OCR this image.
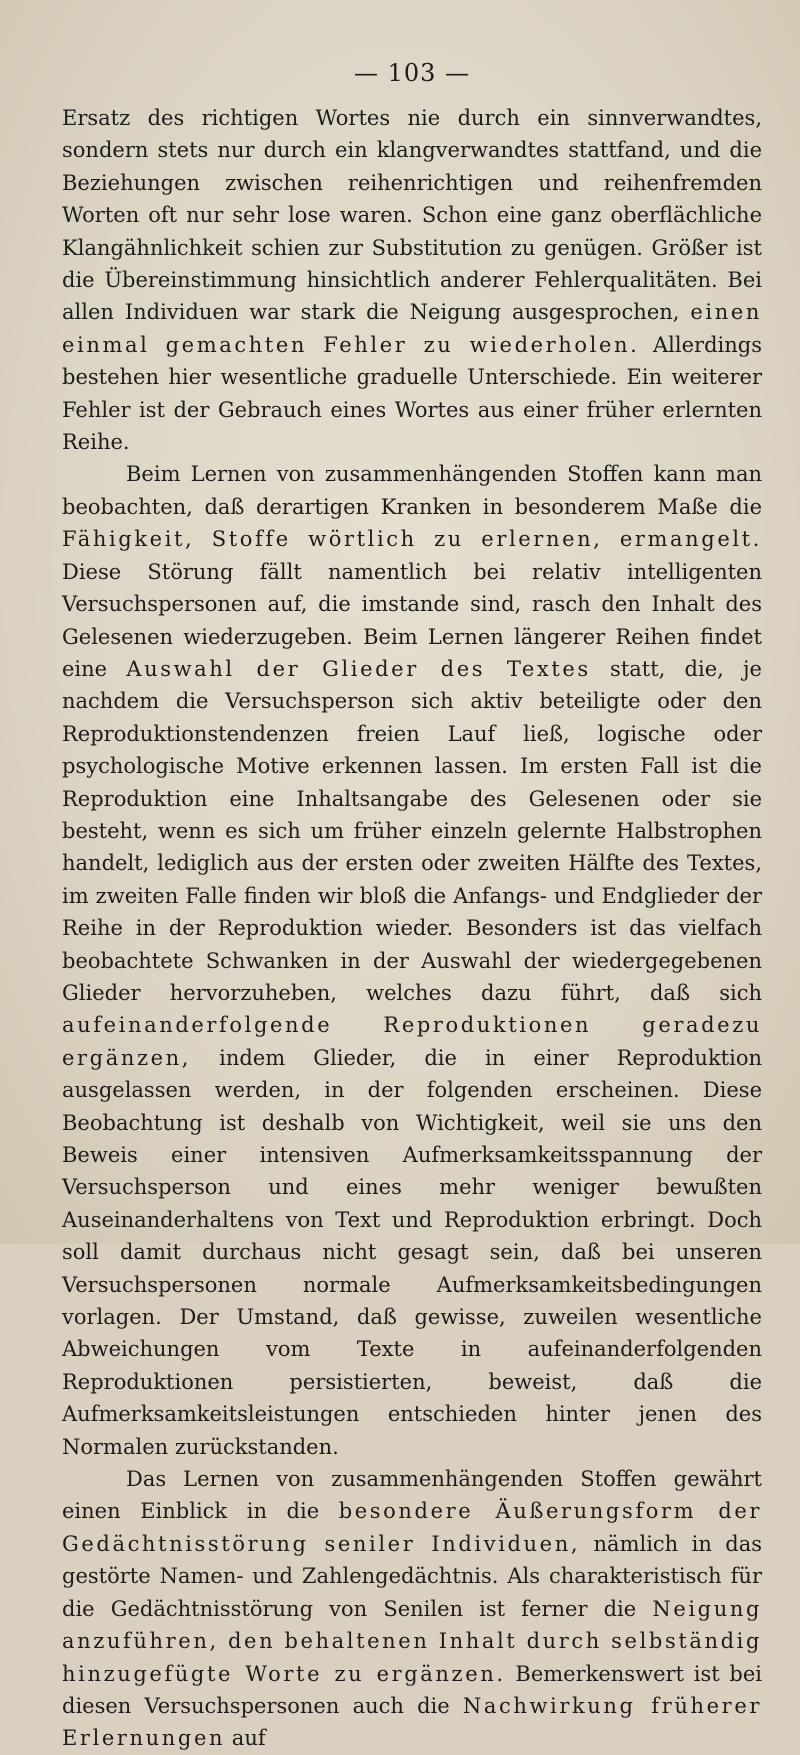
— 103 —

Ersatz des richtigen Wortes nie durch ein sinnverwandtes, sondern stets nur durch ein klangverwandtes stattfand, und die Beziehungen zwischen reihenrichtigen und reihenfremden Worten oft nur sehr lose waren. Schon eine ganz oberflächliche Klangähnlichkeit schien zur Substitution zu genügen. Größer ist die Übereinstimmung hinsichtlich anderer Fehlerqualitäten. Bei allen Individuen war stark die Neigung ausgesprochen, einen einmal gemachten Fehler zu wiederholen. Allerdings bestehen hier wesentliche graduelle Unterschiede. Ein weiterer Fehler ist der Gebrauch eines Wortes aus einer früher erlernten Reihe.

Beim Lernen von zusammenhängenden Stoffen kann man beobachten, daß derartigen Kranken in besonderem Maße die Fähigkeit, Stoffe wörtlich zu erlernen, ermangelt. Diese Störung fällt namentlich bei relativ intelligenten Versuchspersonen auf, die imstande sind, rasch den Inhalt des Gelesenen wiederzugeben. Beim Lernen längerer Reihen findet eine Auswahl der Glieder des Textes statt, die, je nachdem die Versuchsperson sich aktiv beteiligte oder den Reproduktionstendenzen freien Lauf ließ, logische oder psychologische Motive erkennen lassen. Im ersten Fall ist die Reproduktion eine Inhaltsangabe des Gelesenen oder sie besteht, wenn es sich um früher einzeln gelernte Halbstrophen handelt, lediglich aus der ersten oder zweiten Hälfte des Textes, im zweiten Falle finden wir bloß die Anfangs- und Endglieder der Reihe in der Reproduktion wieder. Besonders ist das vielfach beobachtete Schwanken in der Auswahl der wiedergegebenen Glieder hervorzuheben, welches dazu führt, daß sich aufeinanderfolgende Reproduktionen geradezu ergänzen, indem Glieder, die in einer Reproduktion ausgelassen werden, in der folgenden erscheinen. Diese Beobachtung ist deshalb von Wichtigkeit, weil sie uns den Beweis einer intensiven Aufmerksamkeitsspannung der Versuchsperson und eines mehr weniger bewußten Auseinanderhaltens von Text und Reproduktion erbringt. Doch soll damit durchaus nicht gesagt sein, daß bei unseren Versuchspersonen normale Aufmerksamkeitsbedingungen vorlagen. Der Umstand, daß gewisse, zuweilen wesentliche Abweichungen vom Texte in aufeinanderfolgenden Reproduktionen persistierten, beweist, daß die Aufmerksamkeitsleistungen entschieden hinter jenen des Normalen zurückstanden.

Das Lernen von zusammenhängenden Stoffen gewährt einen Einblick in die besondere Äußerungsform der Gedächtnisstörung seniler Individuen, nämlich in das gestörte Namen- und Zahlengedächtnis. Als charakteristisch für die Gedächtnisstörung von Senilen ist ferner die Neigung anzuführen, den behaltenen Inhalt durch selbständig hinzugefügte Worte zu ergänzen. Bemerkenswert ist bei diesen Versuchspersonen auch die Nachwirkung früherer Erlernungen auf
